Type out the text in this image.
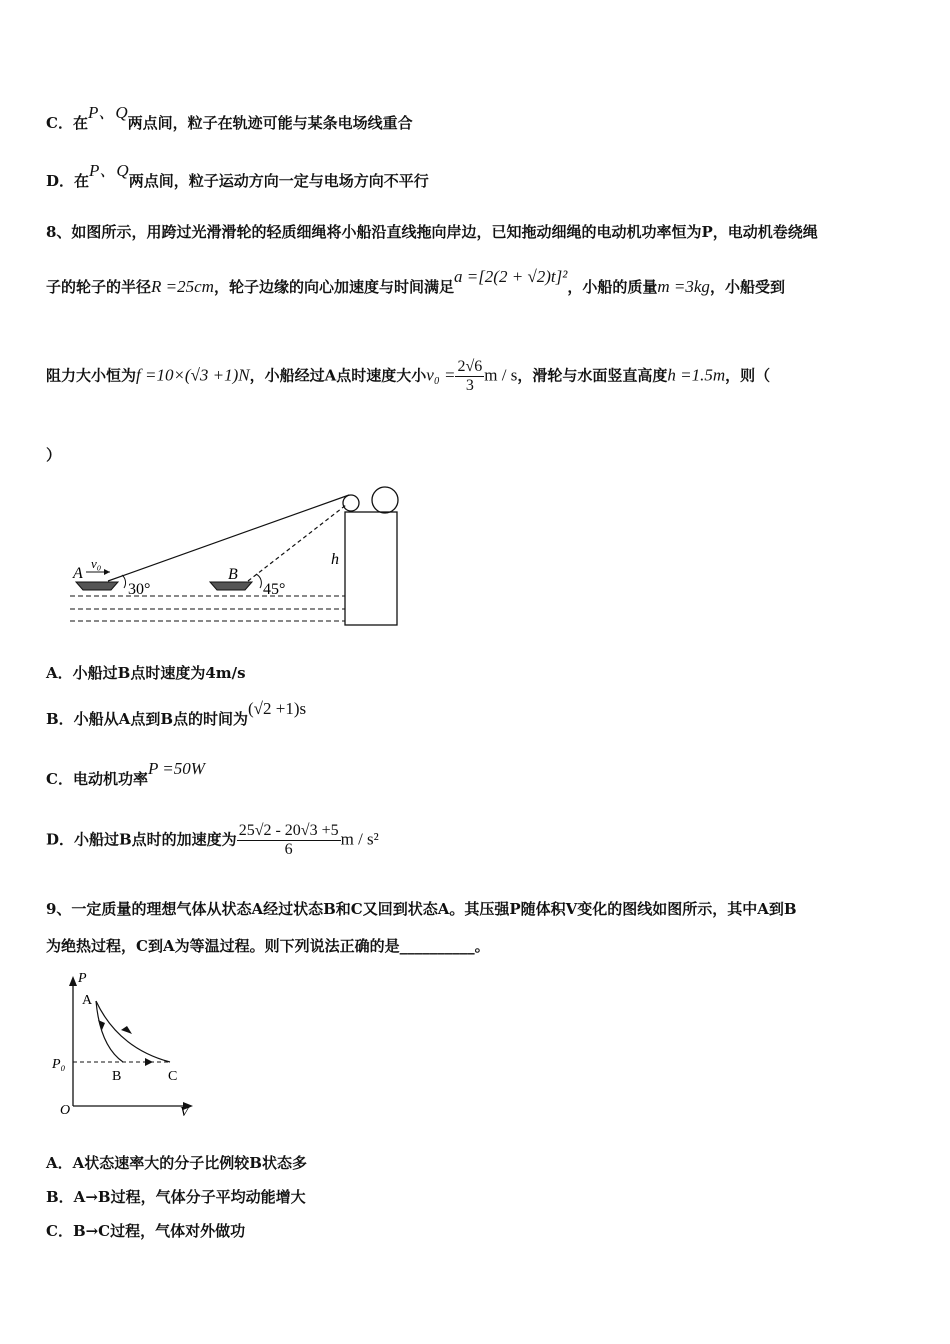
C．在P、Q两点间，粒子在轨迹可能与某条电场线重合
D．在P、Q两点间，粒子运动方向一定与电场方向不平行
8、如图所示，用跨过光滑滑轮的轻质细绳将小船沿直线拖向岸边，已知拖动细绳的电动机功率恒为P，电动机卷绕绳
子的轮子的半径R =25cm，轮子边缘的向心加速度与时间满足a =[2(2 + √2)t]²，小船的质量m =3kg，小船受到
阻力大小恒为f =10×(√3 +1)N，小船经过A点时速度大小$v_0 = \frac{2√6}{3}$ m / s，滑轮与水面竖直高度h =1.5m，则（
）
A
v₀
30°
B
45°
h
A．小船过B点时速度为4m/s
B．小船从A点到B点的时间为(√2 +1)s
C．电动机功率P =50W
D．小船过B点时的加速度为 $\frac{25√2 - 20√3 +5}{6}$ m / s²
9、一定质量的理想气体从状态A经过状态B和C又回到状态A。其压强P随体积V变化的图线如图所示，其中A到B
为绝热过程，C到A为等温过程。则下列说法正确的是__________。
P
V
O
P₀
A
B	C
A．A状态速率大的分子比例较B状态多
B．A→B过程，气体分子平均动能增大
C．B→C过程，气体对外做功
